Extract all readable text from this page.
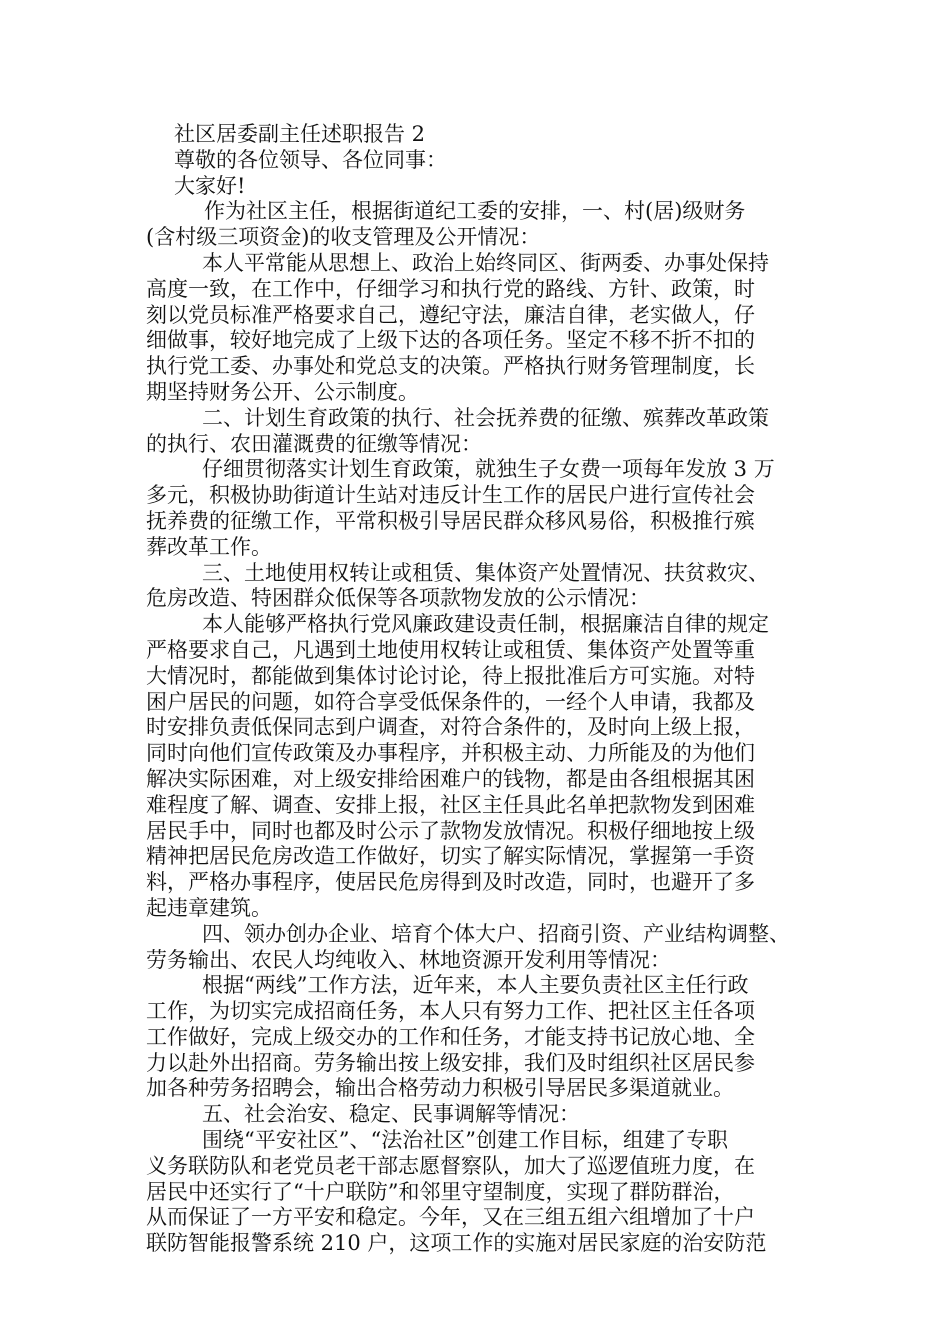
社区居委副主任述职报告 2
尊敬的各位领导、各位同事：
大家好!
作为社区主任，根据街道纪工委的安排，一、村(居)级财务
(含村级三项资金)的收支管理及公开情况：
本人平常能从思想上、政治上始终同区、街两委、办事处保持
高度一致，在工作中，仔细学习和执行党的路线、方针、政策，时
刻以党员标准严格要求自己，遵纪守法，廉洁自律，老实做人，仔
细做事，较好地完成了上级下达的各项任务。坚定不移不折不扣的
执行党工委、办事处和党总支的决策。严格执行财务管理制度，长
期坚持财务公开、公示制度。
二、计划生育政策的执行、社会抚养费的征缴、殡葬改革政策
的执行、农田灌溉费的征缴等情况：
仔细贯彻落实计划生育政策，就独生子女费一项每年发放 3 万
多元，积极协助街道计生站对违反计生工作的居民户进行宣传社会
抚养费的征缴工作，平常积极引导居民群众移风易俗，积极推行殡
葬改革工作。
三、土地使用权转让或租赁、集体资产处置情况、扶贫救灾、
危房改造、特困群众低保等各项款物发放的公示情况：
本人能够严格执行党风廉政建设责任制，根据廉洁自律的规定
严格要求自己，凡遇到土地使用权转让或租赁、集体资产处置等重
大情况时，都能做到集体讨论讨论，待上报批准后方可实施。对特
困户居民的问题，如符合享受低保条件的，一经个人申请，我都及
时安排负责低保同志到户调查，对符合条件的，及时向上级上报，
同时向他们宣传政策及办事程序，并积极主动、力所能及的为他们
解决实际困难，对上级安排给困难户的钱物，都是由各组根据其困
难程度了解、调查、安排上报，社区主任具此名单把款物发到困难
居民手中，同时也都及时公示了款物发放情况。积极仔细地按上级
精神把居民危房改造工作做好，切实了解实际情况，掌握第一手资
料，严格办事程序，使居民危房得到及时改造，同时，也避开了多
起违章建筑。
四、领办创办企业、培育个体大户、招商引资、产业结构调整、
劳务输出、农民人均纯收入、林地资源开发利用等情况：
根据“两线”工作方法，近年来，本人主要负责社区主任行政
工作，为切实完成招商任务，本人只有努力工作、把社区主任各项
工作做好，完成上级交办的工作和任务，才能支持书记放心地、全
力以赴外出招商。劳务输出按上级安排，我们及时组织社区居民参
加各种劳务招聘会，输出合格劳动力积极引导居民多渠道就业。
五、社会治安、稳定、民事调解等情况：
围绕“平安社区”、“法治社区”创建工作目标，组建了专职
义务联防队和老党员老干部志愿督察队，加大了巡逻值班力度，在
居民中还实行了“十户联防”和邻里守望制度，实现了群防群治，
从而保证了一方平安和稳定。今年，又在三组五组六组增加了十户
联防智能报警系统 210 户，这项工作的实施对居民家庭的治安防范
